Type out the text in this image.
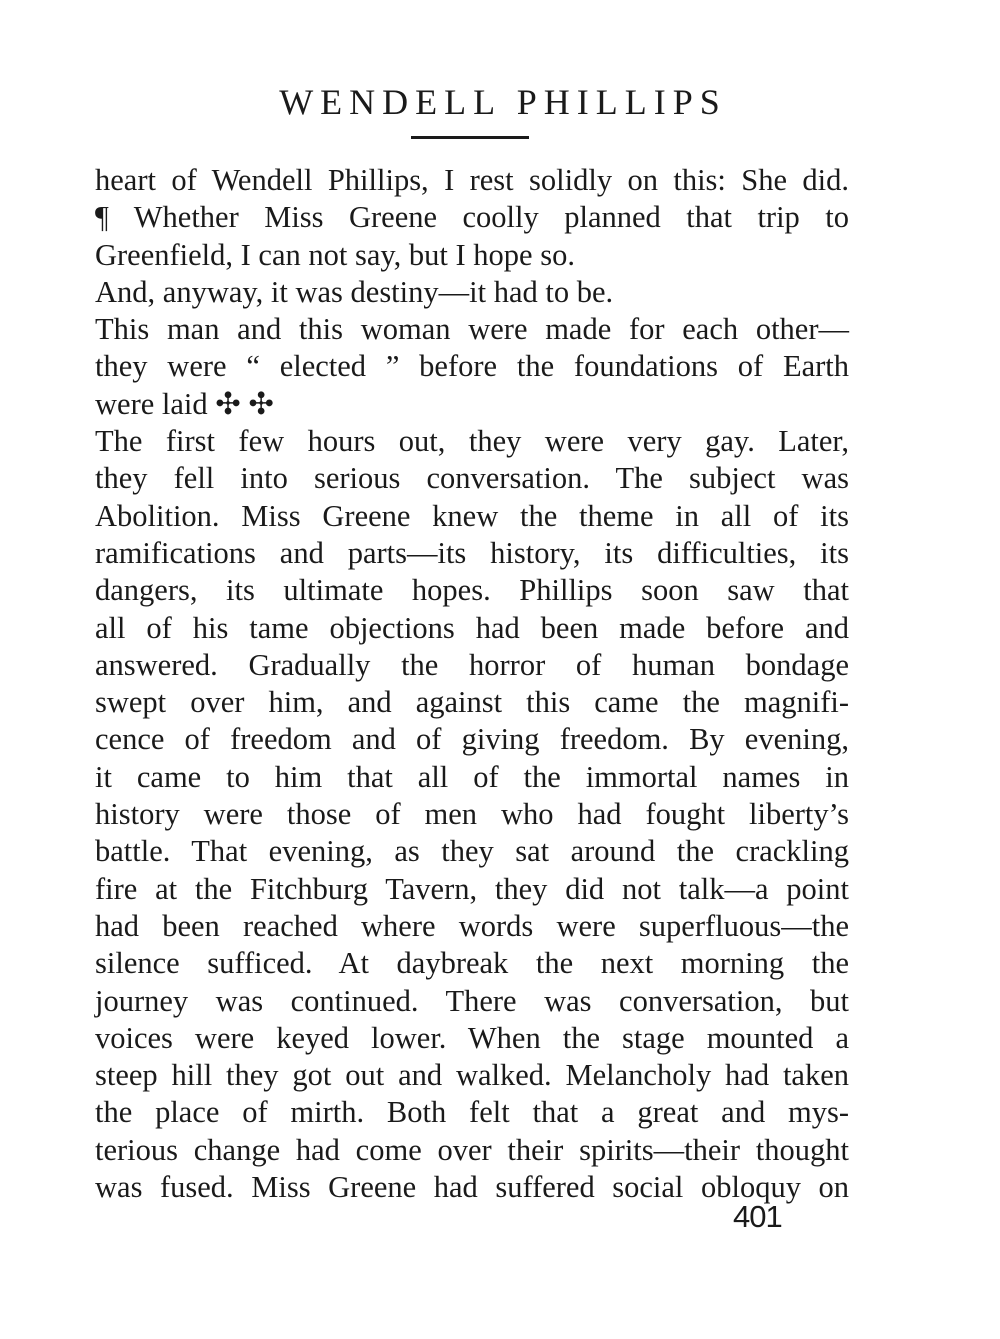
WENDELL PHILLIPS
heart of Wendell Phillips, I rest solidly on this: She did.
¶ Whether Miss Greene coolly planned that trip to
Greenfield, I can not say, but I hope so.
And, anyway, it was destiny—it had to be.
This man and this woman were made for each other—
they were “ elected ” before the foundations of Earth
were laid ✣ ✣
The first few hours out, they were very gay. Later,
they fell into serious conversation. The subject was
Abolition. Miss Greene knew the theme in all of its
ramifications and parts—its history, its difficulties, its
dangers, its ultimate hopes. Phillips soon saw that
all of his tame objections had been made before and
answered. Gradually the horror of human bondage
swept over him, and against this came the magnifi-
cence of freedom and of giving freedom. By evening,
it came to him that all of the immortal names in
history were those of men who had fought liberty’s
battle. That evening, as they sat around the crackling
fire at the Fitchburg Tavern, they did not talk—a point
had been reached where words were superfluous—the
silence sufficed. At daybreak the next morning the
journey was continued. There was conversation, but
voices were keyed lower. When the stage mounted a
steep hill they got out and walked. Melancholy had taken
the place of mirth. Both felt that a great and mys-
terious change had come over their spirits—their thought
was fused. Miss Greene had suffered social obloquy on
401
